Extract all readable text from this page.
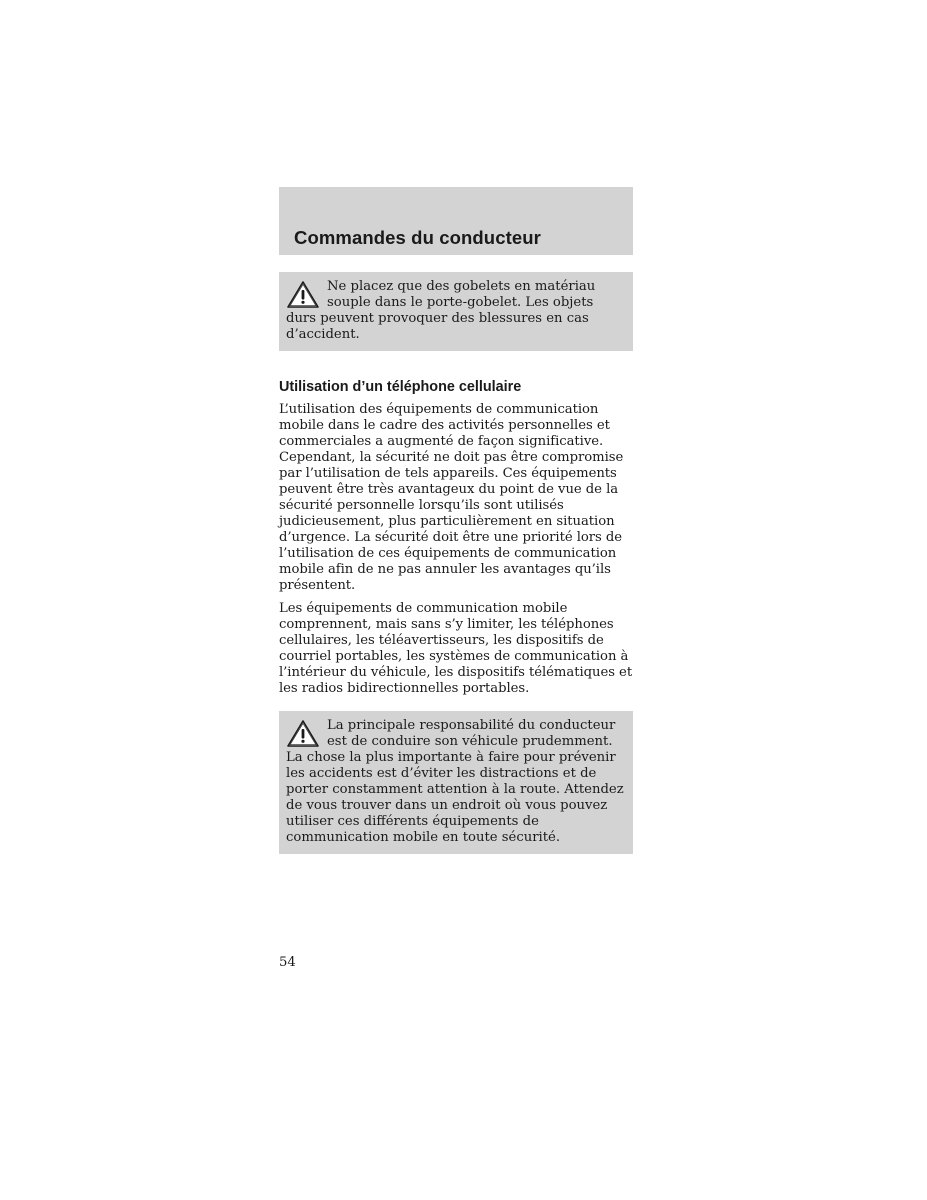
Commandes du conducteur

Ne placez que des gobelets en matériau souple dans le porte-gobelet. Les objets durs peuvent provoquer des blessures en cas d’accident.

Utilisation d’un téléphone cellulaire

L’utilisation des équipements de communication mobile dans le cadre des activités personnelles et commerciales a augmenté de façon significative. Cependant, la sécurité ne doit pas être compromise par l’utilisation de tels appareils. Ces équipements peuvent être très avantageux du point de vue de la sécurité personnelle lorsqu’ils sont utilisés judicieusement, plus particulièrement en situation d’urgence. La sécurité doit être une priorité lors de l’utilisation de ces équipements de communication mobile afin de ne pas annuler les avantages qu’ils présentent.

Les équipements de communication mobile comprennent, mais sans s’y limiter, les téléphones cellulaires, les téléavertisseurs, les dispositifs de courriel portables, les systèmes de communication à l’intérieur du véhicule, les dispositifs télématiques et les radios bidirectionnelles portables.

La principale responsabilité du conducteur est de conduire son véhicule prudemment. La chose la plus importante à faire pour prévenir les accidents est d’éviter les distractions et de porter constamment attention à la route. Attendez de vous trouver dans un endroit où vous pouvez utiliser ces différents équipements de communication mobile en toute sécurité.

54
